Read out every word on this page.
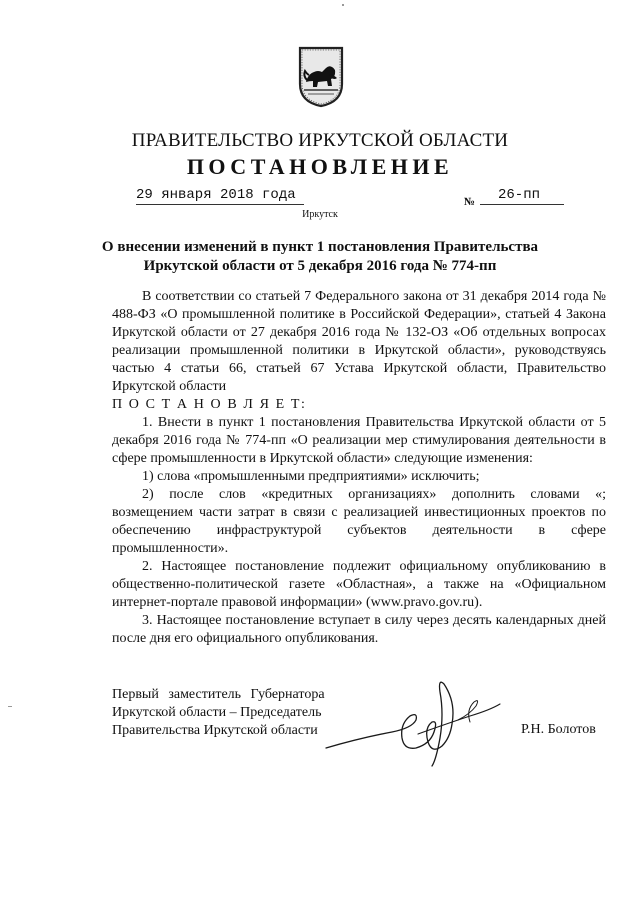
ПРАВИТЕЛЬСТВО ИРКУТСКОЙ ОБЛАСТИ
ПОСТАНОВЛЕНИЕ
29 января 2018 года	№	26-пп
Иркутск
О внесении изменений в пункт 1 постановления Правительства
Иркутской области от 5 декабря 2016 года № 774-пп

В соответствии со статьей 7 Федерального закона от 31 декабря 2014 года № 488-ФЗ «О промышленной политике в Российской Федерации», статьей 4 Закона Иркутской области от 27 декабря 2016 года № 132-ОЗ «Об отдельных вопросах реализации промышленной политики в Иркутской области», руководствуясь частью 4 статьи 66, статьей 67 Устава Иркутской области, Правительство Иркутской области

П О С Т А Н О В Л Я Е Т:

1. Внести в пункт 1 постановления Правительства Иркутской области от 5 декабря 2016 года № 774-пп «О реализации мер стимулирования деятельности в сфере промышленности в Иркутской области» следующие изменения:

1) слова «промышленными предприятиями» исключить;

2) после слов «кредитных организациях» дополнить словами «; возмещением части затрат в связи с реализацией инвестиционных проектов по обеспечению инфраструктурой субъектов деятельности в сфере промышленности».

2. Настоящее постановление подлежит официальному опубликованию в общественно-политической газете «Областная», а также на «Официальном интернет-портале правовой информации» (www.pravo.gov.ru).

3. Настоящее постановление вступает в силу через десять календарных дней после дня его официального опубликования.

Первый заместитель Губернатора
Иркутской области – Председатель
Правительства Иркутской области	Р.Н. Болотов
